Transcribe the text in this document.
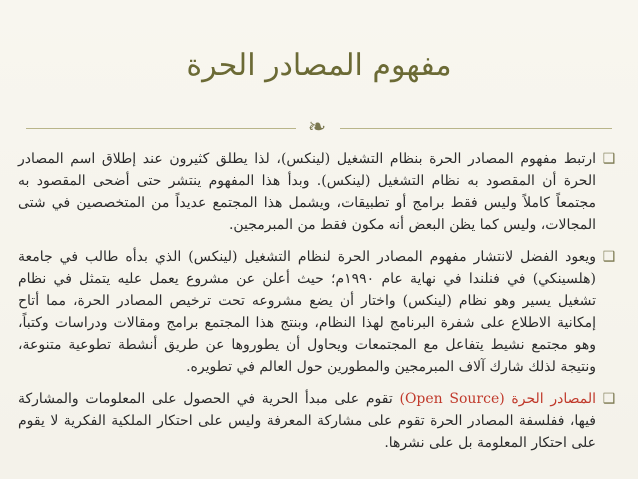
مفهوم المصادر الحرة
❧
❑
ارتبط مفهوم المصادر الحرة بنظام التشغيل (لينكس)، لذا يطلق كثيرون عند إطلاق اسم المصادر الحرة أن المقصود به نظام التشغيل (لينكس). وبدأ هذا المفهوم ينتشر حتى أضحى المقصود به مجتمعاً كاملاً وليس فقط برامج أو تطبيقات، ويشمل هذا المجتمع عديداً من المتخصصين في شتى المجالات، وليس كما يظن البعض أنه مكون فقط من المبرمجين.
❑
ويعود الفضل لانتشار مفهوم المصادر الحرة لنظام التشغيل (لينكس) الذي بدأه طالب في جامعة (هلسينكي) في فنلندا في نهاية عام ١٩٩٠م؛ حيث أعلن عن مشروع يعمل عليه يتمثل في نظام تشغيل يسير وهو نظام (لينكس) واختار أن يضع مشروعه تحت ترخيص المصادر الحرة، مما أتاح إمكانية الاطلاع على شفرة البرنامج لهذا النظام، وبنتج هذا المجتمع برامج ومقالات ودراسات وكتباً، وهو مجتمع نشيط يتفاعل مع المجتمعات ويحاول أن يطوروها عن طريق أنشطة تطوعية متنوعة، ونتيجة لذلك شارك آلاف المبرمجين والمطورين حول العالم في تطويره.
❑
المصادر الحرة (Open Source) تقوم على مبدأ الحرية في الحصول على المعلومات والمشاركة فيها، ففلسفة المصادر الحرة تقوم على مشاركة المعرفة وليس على احتكار الملكية الفكرية لا يقوم على احتكار المعلومة بل على نشرها.
